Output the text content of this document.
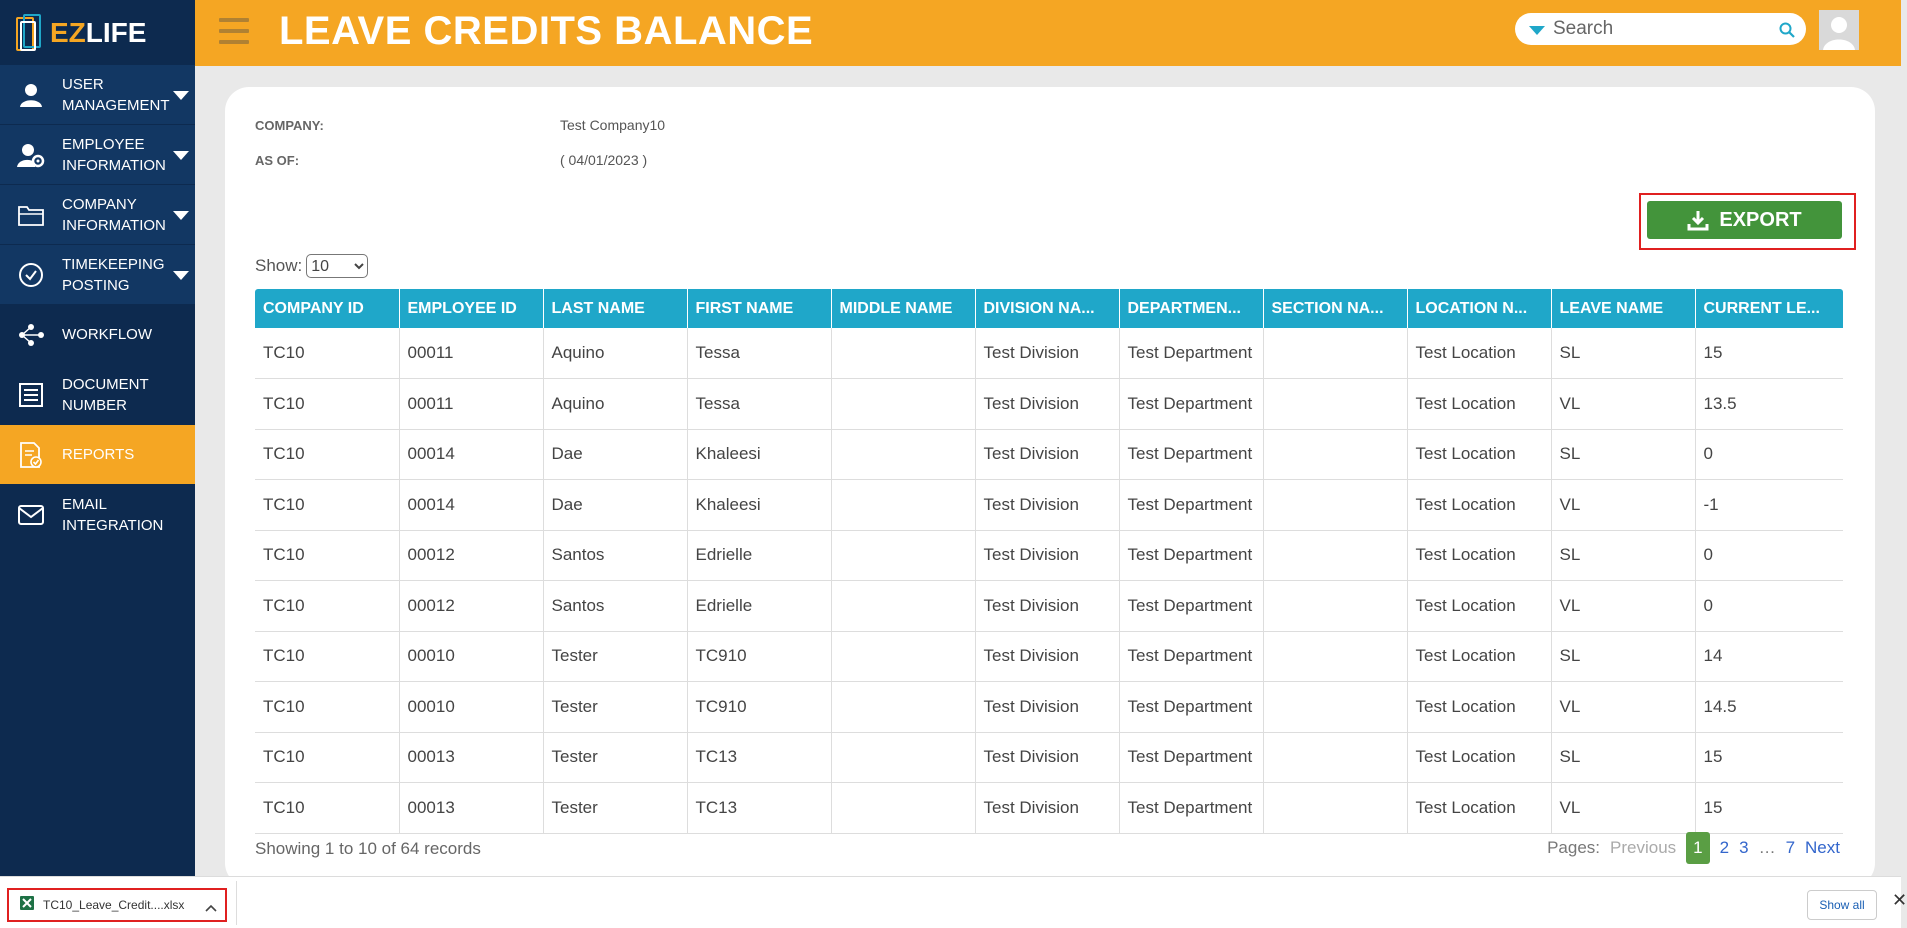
EZLIFE
USER MANAGEMENT
EMPLOYEE INFORMATION
COMPANY INFORMATION
TIMEKEEPING POSTING
WORKFLOW
DOCUMENT NUMBER
REPORTS
EMAIL INTEGRATION
LEAVE CREDITS BALANCE
Search
COMPANY:	Test Company10
AS OF:	( 04/01/2023 )
EXPORT
Show:
10
COMPANY ID	EMPLOYEE ID	LAST NAME	FIRST NAME	MIDDLE NAME	DIVISION NA...	DEPARTMEN...	SECTION NA...	LOCATION N...	LEAVE NAME	CURRENT LE...
TC10	00011	Aquino	Tessa		Test Division	Test Department		Test Location	SL	15
TC10	00011	Aquino	Tessa		Test Division	Test Department		Test Location	VL	13.5
TC10	00014	Dae	Khaleesi		Test Division	Test Department		Test Location	SL	0
TC10	00014	Dae	Khaleesi		Test Division	Test Department		Test Location	VL	-1
TC10	00012	Santos	Edrielle		Test Division	Test Department		Test Location	SL	0
TC10	00012	Santos	Edrielle		Test Division	Test Department		Test Location	VL	0
TC10	00010	Tester	TC910		Test Division	Test Department		Test Location	SL	14
TC10	00010	Tester	TC910		Test Division	Test Department		Test Location	VL	14.5
TC10	00013	Tester	TC13		Test Division	Test Department		Test Location	SL	15
TC10	00013	Tester	TC13		Test Division	Test Department		Test Location	VL	15
Showing 1 to 10 of 64 records	Pages: Previous	1	2 3 … 7 Next
TC10_Leave_Credit....xlsx	Show all	✕
